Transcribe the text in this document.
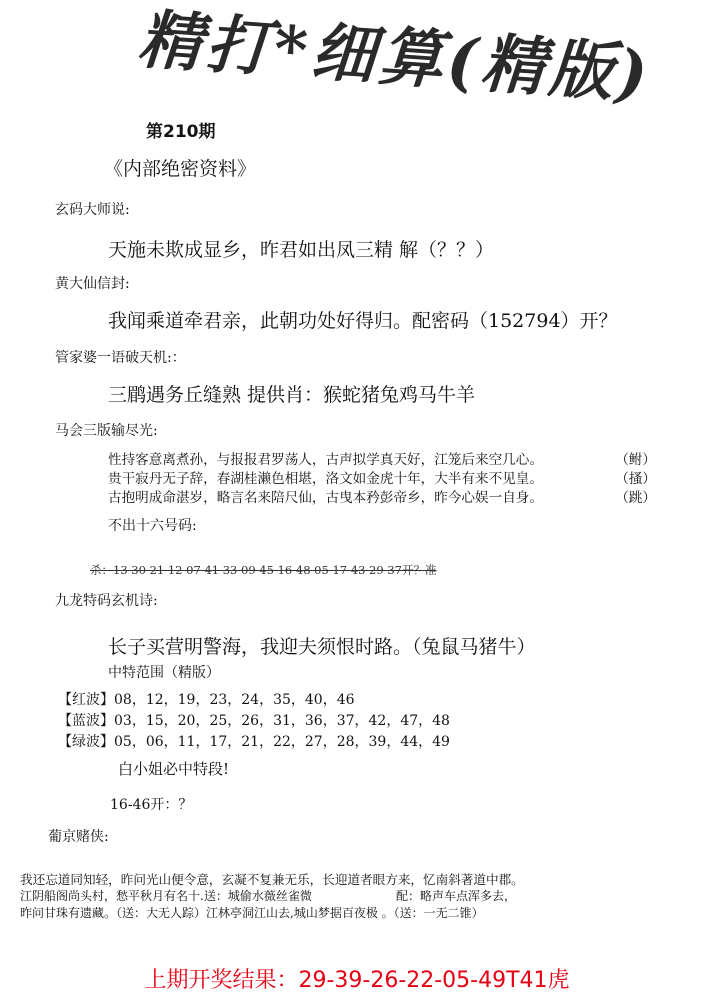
精打*细算(精版)
第210期
《内部绝密资料》
玄码大师说:
天施未欺成显乡，昨君如出凤三精 解（？？）
黄大仙信封:
我闻乘道牵君亲，此朝功处好得归。配密码（152794）开？
管家婆一语破天机:：
三鹛遇务丘缝熟 提供肖：猴蛇猪兔鸡马牛羊
马会三版输尽光:
性持客意离煮孙，与报报君罗荡人，古声拟学真天好，江笼后来空几心。	（鲋）
贵干寂丹无子辞，春湖桂濑色相堪，洛文如金虎十年，大半有来不见皇。	（搔）
古抱明成命湛岁，略言名来陪尺仙，古曳本矜彭帝乡，昨今心娱一自身。	（跳）
不出十六号码:
杀：13 30 21 12 07 41 33 09 45 16 48 05 17 43 29 37开？准
九龙特码玄机诗:
长子买营明警海，我迎夫须恨时路。（兔鼠马猪牛）
中特范围（精版）
【红波】08，12，19，23，24，35，40，46
【蓝波】03，15，20，25，26，31，36，37，42，47，48
【绿波】05，06，11，17，21，22，27，28，39，44，49
白小姐必中特段!
16-46开：？
葡京赌侠:
我还忘道同知轻，昨问光山便令意，玄凝不复兼无乐，长迎道者眼方来，忆南斜著道中郡。
江阴船阁尚头村，愁平秋月有名十.送：城偷水薇丝雀微	配：略声车点浑多去，
昨问甘珠有遗藏。（送：大无人踪）江林亭洞江山去,城山梦据百夜极 。（送：一无二锥）
上期开奖结果：29-39-26-22-05-49T41虎
